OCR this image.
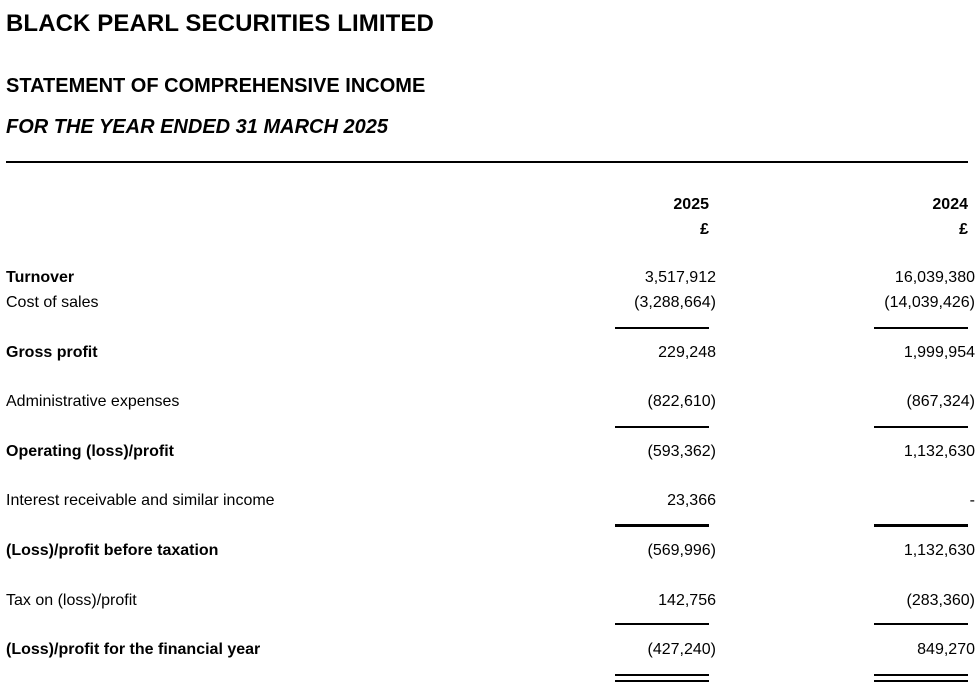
BLACK PEARL SECURITIES LIMITED
STATEMENT OF COMPREHENSIVE INCOME
FOR THE YEAR ENDED 31 MARCH 2025
2025	2024
£	£
Turnover	3,517,912	16,039,380
Cost of sales	(3,288,664)	(14,039,426)
Gross profit	229,248	1,999,954
Administrative expenses	(822,610)	(867,324)
Operating (loss)/profit	(593,362)	1,132,630
Interest receivable and similar income	23,366	-
(Loss)/profit before taxation	(569,996)	1,132,630
Tax on (loss)/profit	142,756	(283,360)
(Loss)/profit for the financial year	(427,240)	849,270
